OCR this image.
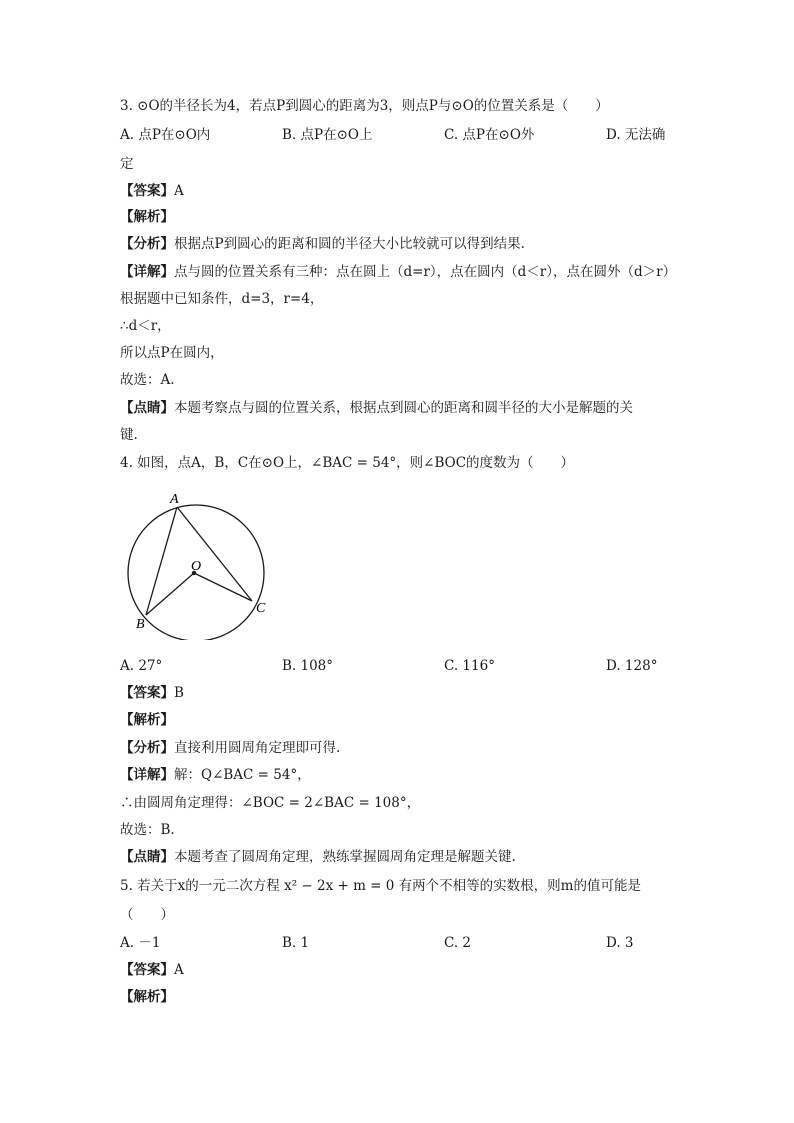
3. ⊙O的半径长为4，若点P到圆心的距离为3，则点P与⊙O的位置关系是（　　）
A. 点P在⊙O内	B. 点P在⊙O上	C. 点P在⊙O外	D. 无法确
定
【答案】A
【解析】
【分析】根据点P到圆心的距离和圆的半径大小比较就可以得到结果.
【详解】点与圆的位置关系有三种：点在圆上（d=r），点在圆内（d＜r），点在圆外（d＞r）
根据题中已知条件，d=3，r=4，
∴d＜r，
所以点P在圆内，
故选：A.
【点睛】本题考察点与圆的位置关系，根据点到圆心的距离和圆半径的大小是解题的关
键.
4. 如图，点A，B，C在⊙O上，∠BAC = 54°，则∠BOC的度数为（　　）
A
O
B
C
A. 27°	B. 108°	C. 116°	D. 128°
【答案】B
【解析】
【分析】直接利用圆周角定理即可得.
【详解】解：Q∠BAC = 54°，
∴由圆周角定理得：∠BOC = 2∠BAC = 108°，
故选：B.
【点睛】本题考查了圆周角定理，熟练掌握圆周角定理是解题关键.
5. 若关于x的一元二次方程 x² − 2x + m = 0 有两个不相等的实数根，则m的值可能是
（　　）
A. －1	B. 1	C. 2	D. 3
【答案】A
【解析】
